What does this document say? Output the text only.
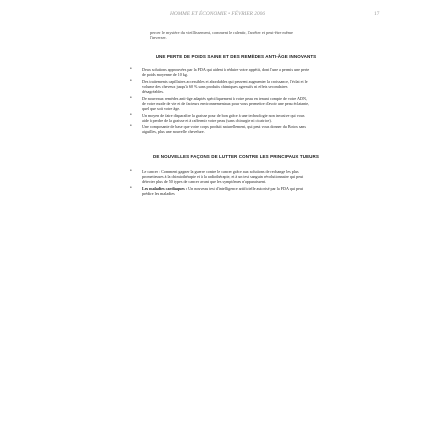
HOMME ET ÉCONOMIE • FÉVRIER 2006	17

percer le mystère du vieillissement, comment le ralentir, l'arrêter et peut-être même l'inverser.

UNE PERTE DE POIDS SAINE ET DES REMÈDES ANTI-ÂGE INNOVANTS
• Deux solutions approuvées par la FDA qui aident à réduire votre appétit, dont l'une a permis une perte de poids moyenne de 10 kg.
• Des traitements capillaires accessibles et abordables qui peuvent augmenter la croissance, l'éclat et le volume des cheveux jusqu'à 60 % sans produits chimiques agressifs ni effets secondaires désagréables.
• De nouveaux remèdes anti-âge adaptés spécifiquement à votre peau en tenant compte de votre ADN, de votre mode de vie et de facteurs environnementaux pour vous permettre d'avoir une peau éclatante, quel que soit votre âge.
• Un moyen de faire disparaître la graisse pour de bon grâce à une technologie non invasive qui vous aide à perdre de la graisse et à raffermir votre peau (sans chirurgie ni cicatrice).
• Une composante de base que votre corps produit naturellement, qui peut vous donner du Botox sans aiguilles, plus une nouvelle chevelure.
DE NOUVELLES FAÇONS DE LUTTER CONTRE LES PRINCIPAUX TUEURS
• Le cancer : Comment gagner la guerre contre le cancer grâce aux solutions de rechange les plus prometteuses à la chimiothérapie et à la radiothérapie, et à un test sanguin révolutionnaire qui peut détecter plus de 50 types de cancer avant que les symptômes n'apparaissent.
• Les maladies cardiaques : Un nouveau test d'intelligence artificielle autorisé par la FDA qui peut prédire les maladies
